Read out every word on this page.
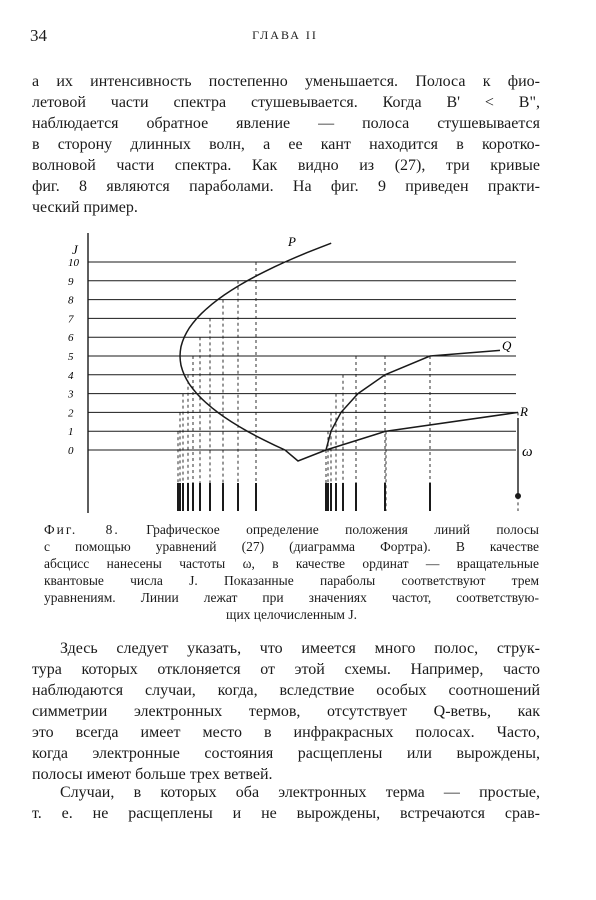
34	ГЛАВА II
а их интенсивность постепенно уменьшается. Полоса к фио-
летовой части спектра стушевывается. Когда B' < B",
наблюдается обратное явление — полоса стушевывается
в сторону длинных волн, а ее кант находится в коротко-
волновой части спектра. Как видно из (27), три кривые
фиг. 8 являются параболами. На фиг. 9 приведен практи-
ческий пример.
10
9
8
7
6
5
4
3
2
1
0
J
P
Q
R
ω
Фиг. 8. Графическое определение положения линий полосы
с помощью уравнений (27) (диаграмма Фортра). В качестве
абсцисс нанесены частоты ω, в качестве ординат — вращательные
квантовые числа J. Показанные параболы соответствуют трем
уравнениям. Линии лежат при значениях частот, соответствую-
щих целочисленным J.
Здесь следует указать, что имеется много полос, струк-
тура которых отклоняется от этой схемы. Например, часто
наблюдаются случаи, когда, вследствие особых соотношений
симметрии электронных термов, отсутствует Q-ветвь, как
это всегда имеет место в инфракрасных полосах. Часто,
когда электронные состояния расщеплены или вырождены,
полосы имеют больше трех ветвей.
Случаи, в которых оба электронных терма — простые,
т. е. не расщеплены и не вырождены, встречаются срав-
